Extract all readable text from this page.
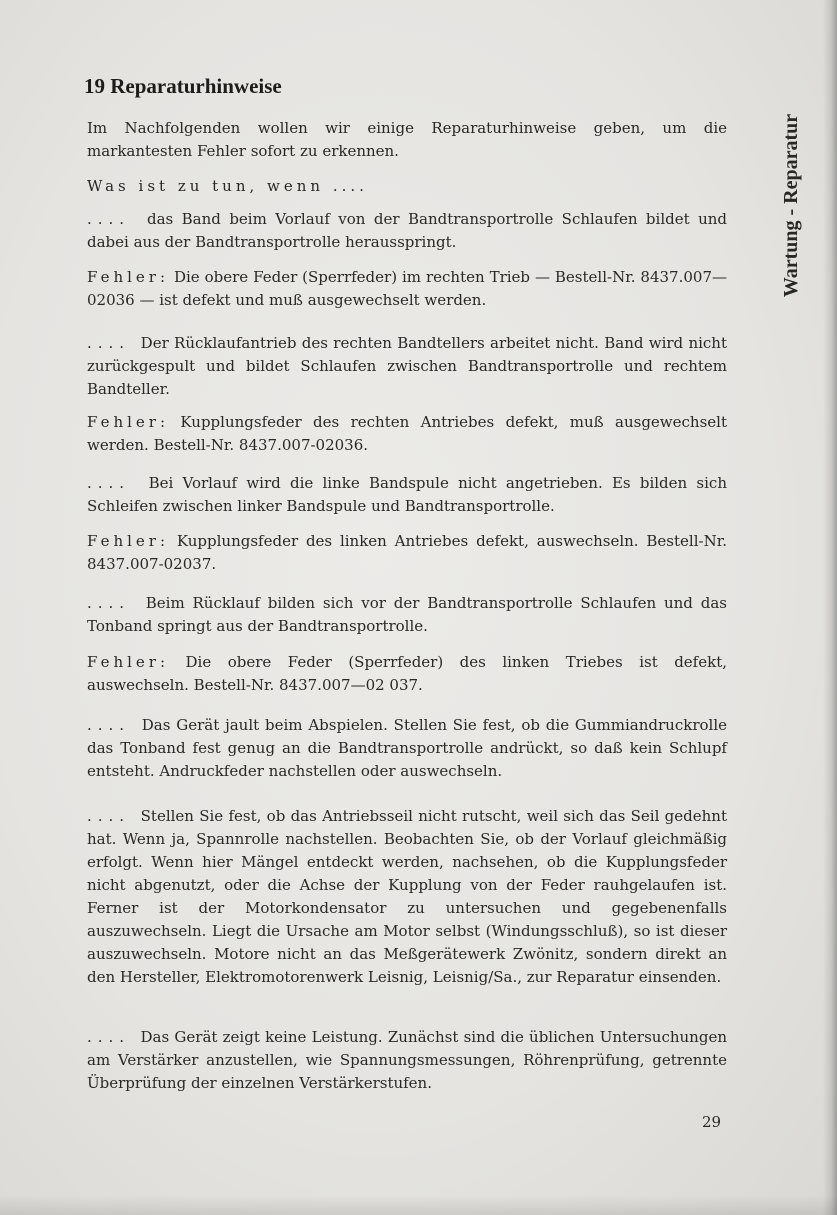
19 Reparaturhinweise
Wartung - Reparatur

Im Nachfolgenden wollen wir einige Reparaturhinweise geben, um die markantesten Fehler sofort zu erkennen.

Was ist zu tun, wenn ....

.... das Band beim Vorlauf von der Bandtransportrolle Schlaufen bildet und dabei aus der Bandtransportrolle herausspringt.

Fehler: Die obere Feder (Sperrfeder) im rechten Trieb — Bestell-Nr. 8437.007—02036 — ist defekt und muß ausgewechselt werden.

.... Der Rücklaufantrieb des rechten Bandtellers arbeitet nicht. Band wird nicht zurückgespult und bildet Schlaufen zwischen Bandtransportrolle und rechtem Bandteller.

Fehler: Kupplungsfeder des rechten Antriebes defekt, muß ausgewechselt werden. Bestell-Nr. 8437.007-02036.

.... Bei Vorlauf wird die linke Bandspule nicht angetrieben. Es bilden sich Schleifen zwischen linker Bandspule und Bandtransportrolle.

Fehler: Kupplungsfeder des linken Antriebes defekt, auswechseln. Bestell-Nr. 8437.007-02037.

.... Beim Rücklauf bilden sich vor der Bandtransportrolle Schlaufen und das Tonband springt aus der Bandtransportrolle.

Fehler: Die obere Feder (Sperrfeder) des linken Triebes ist defekt, auswechseln. Bestell-Nr. 8437.007—02 037.

.... Das Gerät jault beim Abspielen. Stellen Sie fest, ob die Gummiandruckrolle das Tonband fest genug an die Bandtransportrolle andrückt, so daß kein Schlupf entsteht. Andruckfeder nachstellen oder auswechseln.

.... Stellen Sie fest, ob das Antriebsseil nicht rutscht, weil sich das Seil gedehnt hat. Wenn ja, Spannrolle nachstellen. Beobachten Sie, ob der Vorlauf gleichmäßig erfolgt. Wenn hier Mängel entdeckt werden, nachsehen, ob die Kupplungsfeder nicht abgenutzt, oder die Achse der Kupplung von der Feder rauhgelaufen ist. Ferner ist der Motorkondensator zu untersuchen und gegebenenfalls auszuwechseln. Liegt die Ursache am Motor selbst (Windungsschluß), so ist dieser auszuwechseln. Motore nicht an das Meßgerätewerk Zwönitz, sondern direkt an den Hersteller, Elektromotorenwerk Leisnig, Leisnig/Sa., zur Reparatur einsenden.

.... Das Gerät zeigt keine Leistung. Zunächst sind die üblichen Untersuchungen am Verstärker anzustellen, wie Spannungsmessungen, Röhrenprüfung, getrennte Überprüfung der einzelnen Verstärkerstufen.

29
